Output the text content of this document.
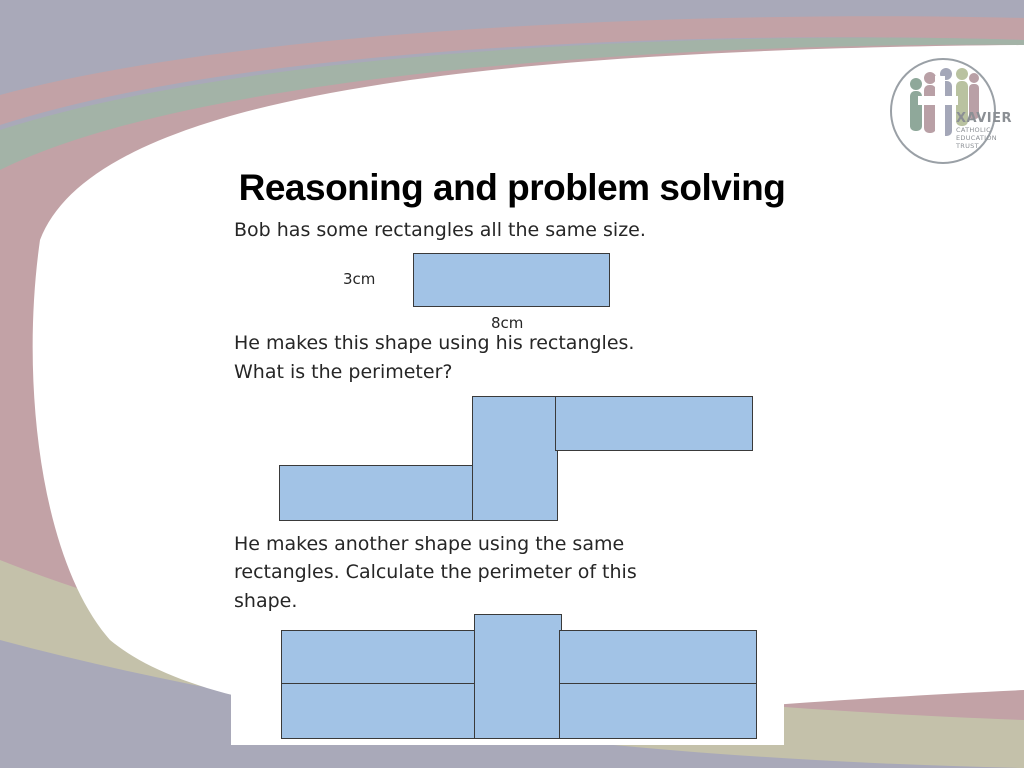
XAVIER
CATHOLIC
EDUCATION
TRUST
Reasoning and problem solving
Bob has some rectangles all the same size.
3cm
8cm
He makes this shape using his rectangles.
What is the perimeter?
He makes another shape using the same
rectangles. Calculate the perimeter of this
shape.
